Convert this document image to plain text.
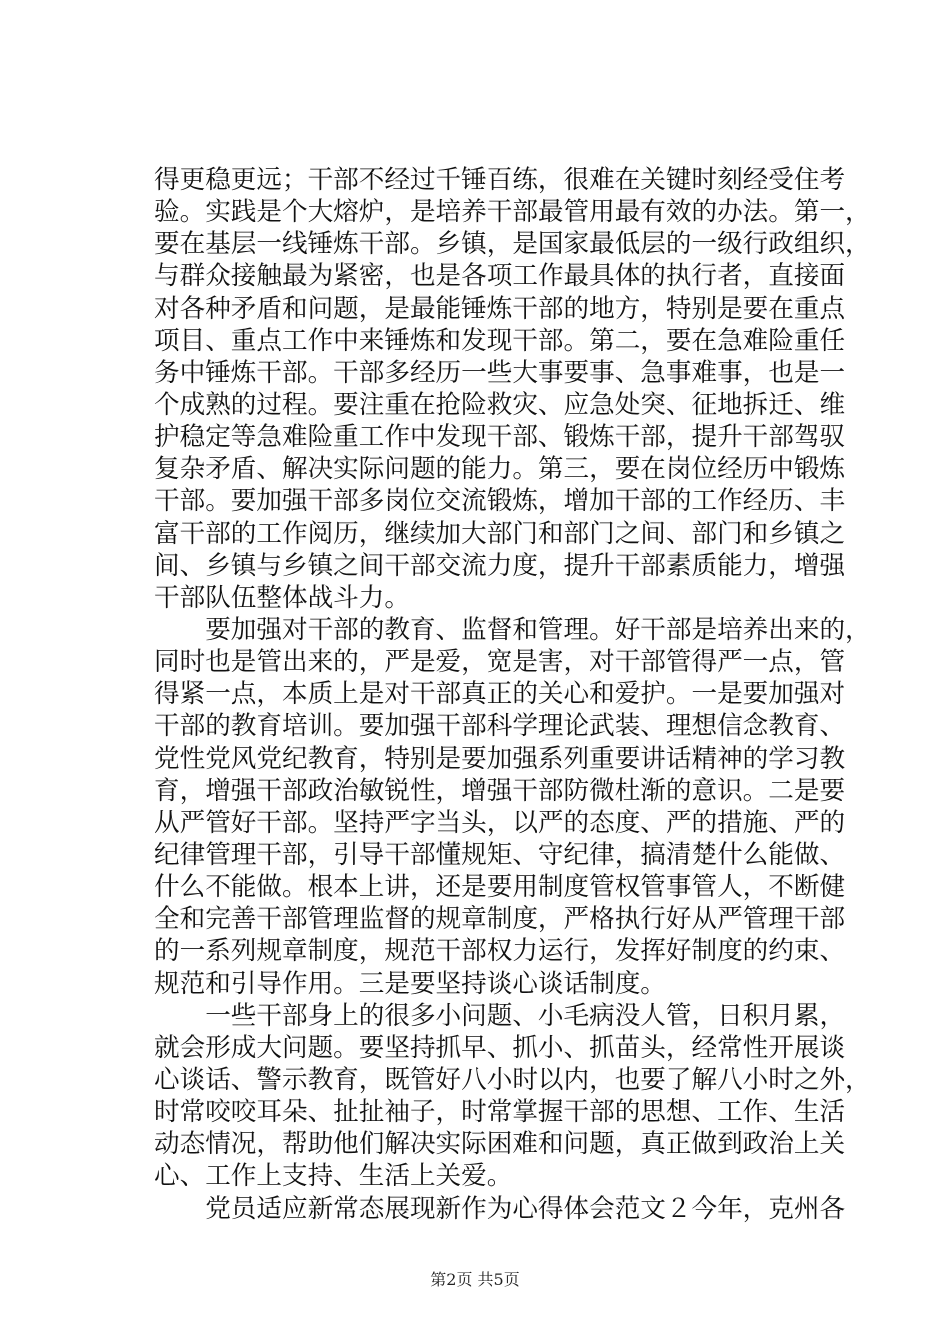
得更稳更远；干部不经过千锤百练，很难在关键时刻经受住考
验。实践是个大熔炉，是培养干部最管用最有效的办法。第一，
要在基层一线锤炼干部。乡镇，是国家最低层的一级行政组织，
与群众接触最为紧密，也是各项工作最具体的执行者，直接面
对各种矛盾和问题，是最能锤炼干部的地方，特别是要在重点
项目、重点工作中来锤炼和发现干部。第二，要在急难险重任
务中锤炼干部。干部多经历一些大事要事、急事难事，也是一
个成熟的过程。要注重在抢险救灾、应急处突、征地拆迁、维
护稳定等急难险重工作中发现干部、锻炼干部，提升干部驾驭
复杂矛盾、解决实际问题的能力。第三，要在岗位经历中锻炼
干部。要加强干部多岗位交流锻炼，增加干部的工作经历、丰
富干部的工作阅历，继续加大部门和部门之间、部门和乡镇之
间、乡镇与乡镇之间干部交流力度，提升干部素质能力，增强
干部队伍整体战斗力。
　　要加强对干部的教育、监督和管理。好干部是培养出来的，
同时也是管出来的，严是爱，宽是害，对干部管得严一点，管
得紧一点，本质上是对干部真正的关心和爱护。一是要加强对
干部的教育培训。要加强干部科学理论武装、理想信念教育、
党性党风党纪教育，特别是要加强系列重要讲话精神的学习教
育，增强干部政治敏锐性，增强干部防微杜渐的意识。二是要
从严管好干部。坚持严字当头，以严的态度、严的措施、严的
纪律管理干部，引导干部懂规矩、守纪律，搞清楚什么能做、
什么不能做。根本上讲，还是要用制度管权管事管人，不断健
全和完善干部管理监督的规章制度，严格执行好从严管理干部
的一系列规章制度，规范干部权力运行，发挥好制度的约束、
规范和引导作用。三是要坚持谈心谈话制度。
　　一些干部身上的很多小问题、小毛病没人管，日积月累，
就会形成大问题。要坚持抓早、抓小、抓苗头，经常性开展谈
心谈话、警示教育，既管好八小时以内，也要了解八小时之外，
时常咬咬耳朵、扯扯袖子，时常掌握干部的思想、工作、生活
动态情况，帮助他们解决实际困难和问题，真正做到政治上关
心、工作上支持、生活上关爱。
　　党员适应新常态展现新作为心得体会范文２今年，克州各
第2页 共5页
